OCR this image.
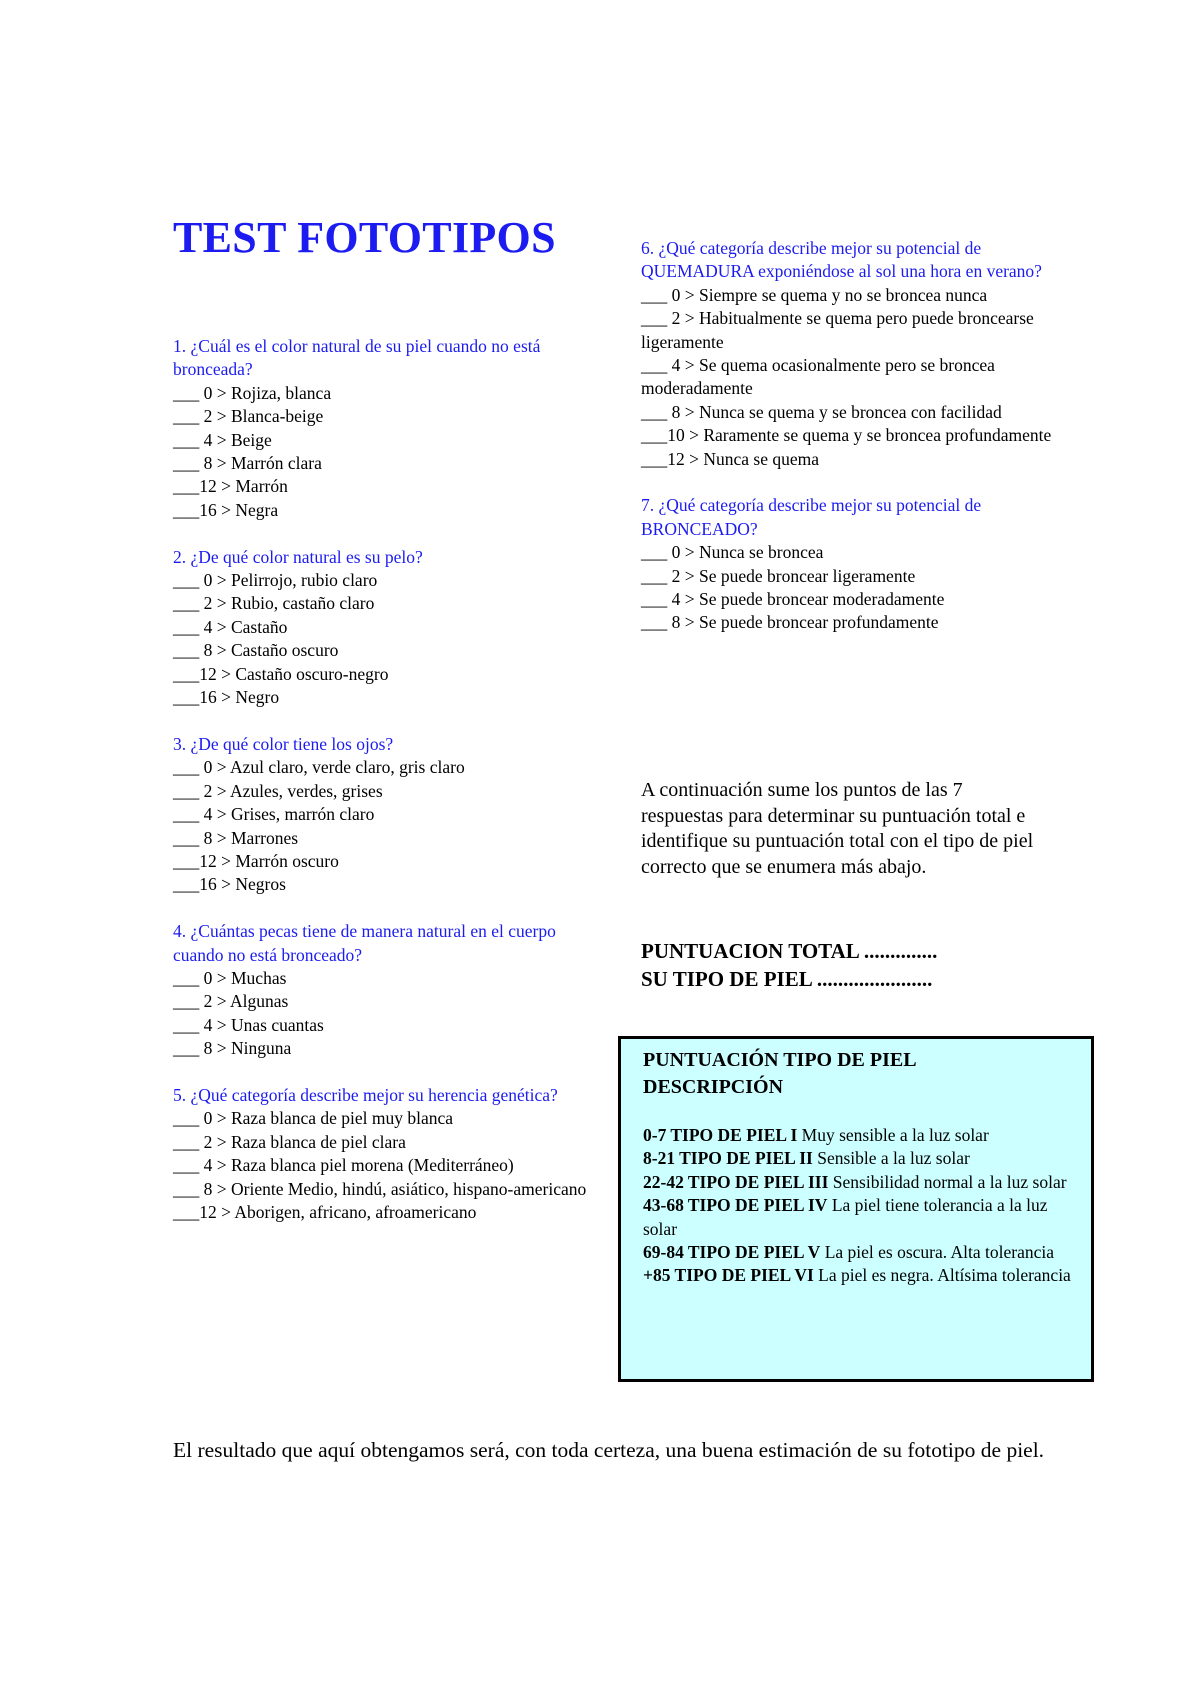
TEST FOTOTIPOS
1. ¿Cuál es el color natural de su piel cuando no está bronceada?
___ 0 > Rojiza, blanca
___ 2 > Blanca-beige
___ 4 > Beige
___ 8 > Marrón clara
___12 > Marrón
___16 > Negra
2. ¿De qué color natural es su pelo?
___ 0 > Pelirrojo, rubio claro
___ 2 > Rubio, castaño claro
___ 4 > Castaño
___ 8 > Castaño oscuro
___12 > Castaño oscuro-negro
___16 > Negro
3. ¿De qué color tiene los ojos?
___ 0 > Azul claro, verde claro, gris claro
___ 2 > Azules, verdes, grises
___ 4 > Grises, marrón claro
___ 8 > Marrones
___12 > Marrón oscuro
___16 > Negros
4. ¿Cuántas pecas tiene de manera natural en el cuerpo cuando no está bronceado?
___ 0 > Muchas
___ 2 > Algunas
___ 4 > Unas cuantas
___ 8 > Ninguna
5. ¿Qué categoría describe mejor su herencia genética?
___ 0 > Raza blanca de piel muy blanca
___ 2 > Raza blanca de piel clara
___ 4 > Raza blanca piel morena (Mediterráneo)
___ 8 > Oriente Medio, hindú, asiático, hispano-americano
___12 > Aborigen, africano, afroamericano
6. ¿Qué categoría describe mejor su potencial de QUEMADURA exponiéndose al sol una hora en verano?
___ 0 > Siempre se quema y no se broncea nunca
___ 2 > Habitualmente se quema pero puede broncearse ligeramente
___ 4 > Se quema ocasionalmente pero se broncea moderadamente
___ 8 > Nunca se quema y se broncea con facilidad
___10 > Raramente se quema y se broncea profundamente
___12 > Nunca se quema
7. ¿Qué categoría describe mejor su potencial de BRONCEADO?
___ 0 > Nunca se broncea
___ 2 > Se puede broncear ligeramente
___ 4 > Se puede broncear moderadamente
___ 8 > Se puede broncear profundamente

A continuación sume los puntos de las 7 respuestas para determinar su puntuación total e identifique su puntuación total con el tipo de piel correcto que se enumera más abajo.

PUNTUACION TOTAL ..............
SU TIPO DE PIEL ......................
PUNTUACIÓN TIPO DE PIEL
DESCRIPCIÓN
0-7 TIPO DE PIEL I Muy sensible a la luz solar
8-21 TIPO DE PIEL II Sensible a la luz solar
22-42 TIPO DE PIEL III Sensibilidad normal a la luz solar
43-68 TIPO DE PIEL IV La piel tiene tolerancia a la luz solar
69-84 TIPO DE PIEL V La piel es oscura. Alta tolerancia
+85 TIPO DE PIEL VI La piel es negra. Altísima tolerancia

El resultado que aquí obtengamos será, con toda certeza, una buena estimación de su fototipo de piel.
